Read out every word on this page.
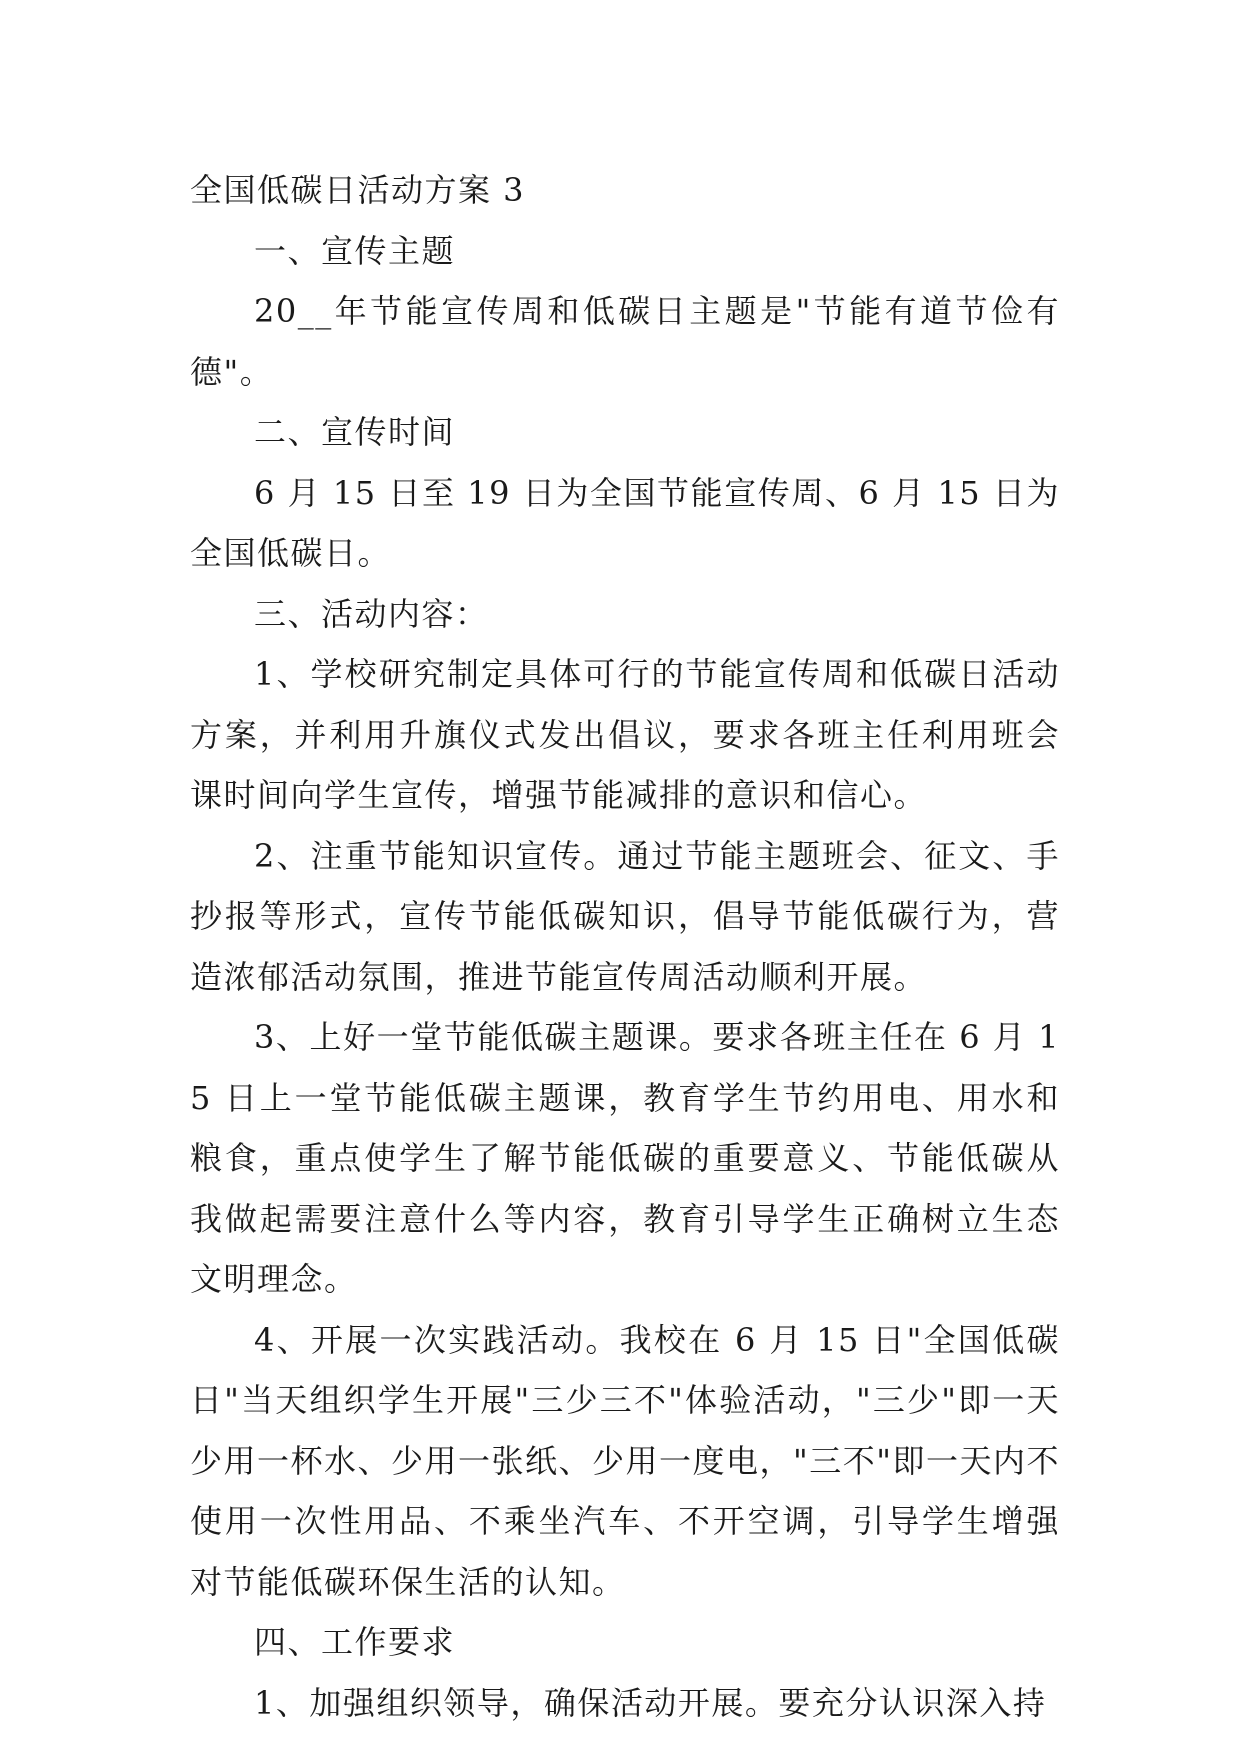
全国低碳日活动方案 3

一、宣传主题

20__年节能宣传周和低碳日主题是"节能有道节俭有德"。

二、宣传时间

6 月 15 日至 19 日为全国节能宣传周、6 月 15 日为全国低碳日。

三、活动内容：

1、学校研究制定具体可行的节能宣传周和低碳日活动方案，并利用升旗仪式发出倡议，要求各班主任利用班会课时间向学生宣传，增强节能减排的意识和信心。

2、注重节能知识宣传。通过节能主题班会、征文、手抄报等形式，宣传节能低碳知识，倡导节能低碳行为，营造浓郁活动氛围，推进节能宣传周活动顺利开展。

3、上好一堂节能低碳主题课。要求各班主任在 6 月 15 日上一堂节能低碳主题课，教育学生节约用电、用水和粮食，重点使学生了解节能低碳的重要意义、节能低碳从我做起需要注意什么等内容，教育引导学生正确树立生态文明理念。

4、开展一次实践活动。我校在 6 月 15 日"全国低碳日"当天组织学生开展"三少三不"体验活动，"三少"即一天少用一杯水、少用一张纸、少用一度电，"三不"即一天内不使用一次性用品、不乘坐汽车、不开空调，引导学生增强对节能低碳环保生活的认知。

四、工作要求

1、加强组织领导，确保活动开展。要充分认识深入持
